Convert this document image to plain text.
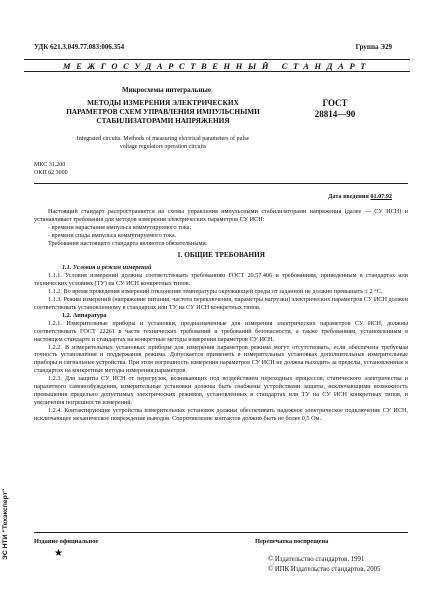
УДК 621.3.049.77.083:006.354	Группа Э29
МЕЖГОСУДАРСТВЕННЫЙ СТАНДАРТ
Микросхемы интегральные
МЕТОДЫ ИЗМЕРЕНИЯ ЭЛЕКТРИЧЕСКИХ
ПАРАМЕТРОВ СХЕМ УПРАВЛЕНИЯ ИМПУЛЬСНЫМИ
СТАБИЛИЗАТОРАМИ НАПРЯЖЕНИЯ
ГОСТ
28814—90
Integrated circuits. Methods of measuring electrical parameters of pulse
voltage regulators operation circuits
МКС 31.200
ОКП 62 3000
Дата введения 01.07.92

Настоящий стандарт распространяется на схемы управления импульсными стабилизаторами напряжения (далее — СУ ИСН) и устанавливает требования для методов измерения электрических параметров СУ ИСН:

- времени нарастания импульса коммутируемого тока;

- времени спада импульса коммутируемого тока.

Требования настоящего стандарта являются обязательными.

1. ОБЩИЕ ТРЕБОВАНИЯ

1.1. Условия и режим измерений

1.1.1. Условия измерений должны соответствовать требованиям ГОСТ 20.57.406 и требованиям, приведенным в стандартах или технических условиях (ТУ) на СУ ИСН конкретных типов.

1.1.2. Во время проведения измерений отклонение температуры окружающей среды от заданной не должно превышать ± 2 °С.

1.1.3. Режим измерений (напряжение питания, частота переключения, параметры нагрузки) электрических параметров СУ ИСН должен соответствовать установленному в стандартах или ТУ на СУ ИСН конкретных типов.

1.2. Аппаратура

1.2.1. Измерительные приборы и установки, предназначенные для измерения электрических параметров СУ ИСН, должны соответствовать ГОСТ 22261 в части технических требований и требований безопасности, а также требованиям, установленным в настоящем стандарте и стандартах на конкретные методы измерения параметров СУ ИСН.

1.2.2. В измерительных установках приборы для измерения параметров режима могут отсутствовать, если обеспечена требуемая точность установления и поддержания режима. Допускается применять в измерительных установках дополнительные измерительные приборы и сигнальные устройства. При этом погрешность измерения параметров СУ ИСН не должна выходить за пределы, установленные в стандартах на конкретные методы измерения параметров.

1.2.3. Для защиты СУ ИСН от перегрузок, возникающих под воздействием переходных процессов, статического электричества и паразитного самовозбуждения, измерительные установки должны быть снабжены устройствами защиты, исключающими возможность превышения предельно допустимых электрических режимов, установленных в стандартах или ТУ на СУ ИСН конкретных типов, и увеличения погрешности измерений.

1.2.4. Контактирующие устройства измерительных установок должны обеспечивать надежное электрическое подключение СУ ИСН, исключающее механическое повреждение выводов. Сопротивление контактов должно быть не более 0,5 Ом.

Издание официальное	Перепечатка воспрещена
★
© Издательство стандартов, 1991
© ИПК Издательство стандартов, 2005
ЭС НТИ "Техэксперт"
